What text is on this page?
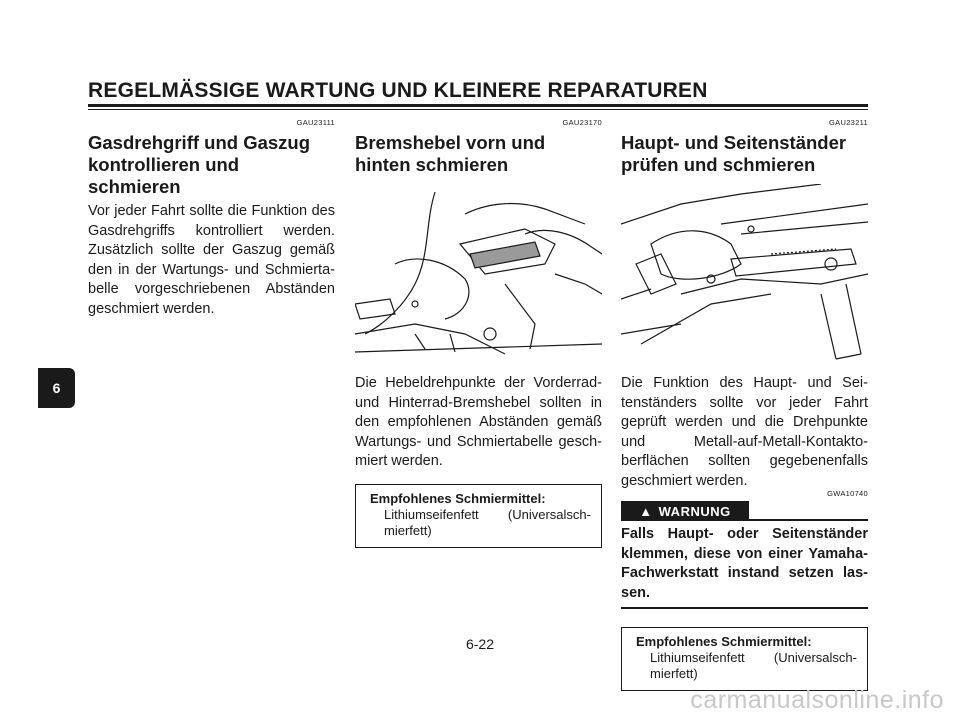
REGELMÄSSIGE WARTUNG UND KLEINERE REPARATUREN
6
GAU23111
Gasdrehgriff und Gaszug kontrollieren und schmieren

Vor jeder Fahrt sollte die Funktion des Gasdrehgriffs kontrolliert werden. Zusätzlich sollte der Gaszug gemäß den in der Wartungs- und Schmiertabelle vorgeschriebenen Abständen geschmiert werden.

GAU23170
Bremshebel vorn und hinten schmieren

Die Hebeldrehpunkte der Vorderrad- und Hinterrad-Bremshebel sollten in den empfohlenen Abständen gemäß Wartungs- und Schmiertabelle geschmiert werden.

Empfohlenes Schmiermittel:
Lithiumseifenfett (Universalschmierfett)
GAU23211
Haupt- und Seitenständer prüfen und schmieren

Die Funktion des Haupt- und Seitenständers sollte vor jeder Fahrt geprüft werden und die Drehpunkte und Metall-auf-Metall-Kontaktoberflächen sollten gegebenenfalls geschmiert werden.

GWA10740
▲ WARNUNG

Falls Haupt- oder Seitenständer klemmen, diese von einer Yamaha-Fachwerkstatt instand setzen lassen.

Empfohlenes Schmiermittel:
Lithiumseifenfett (Universalschmierfett)
6-22
carmanualsonline.info
